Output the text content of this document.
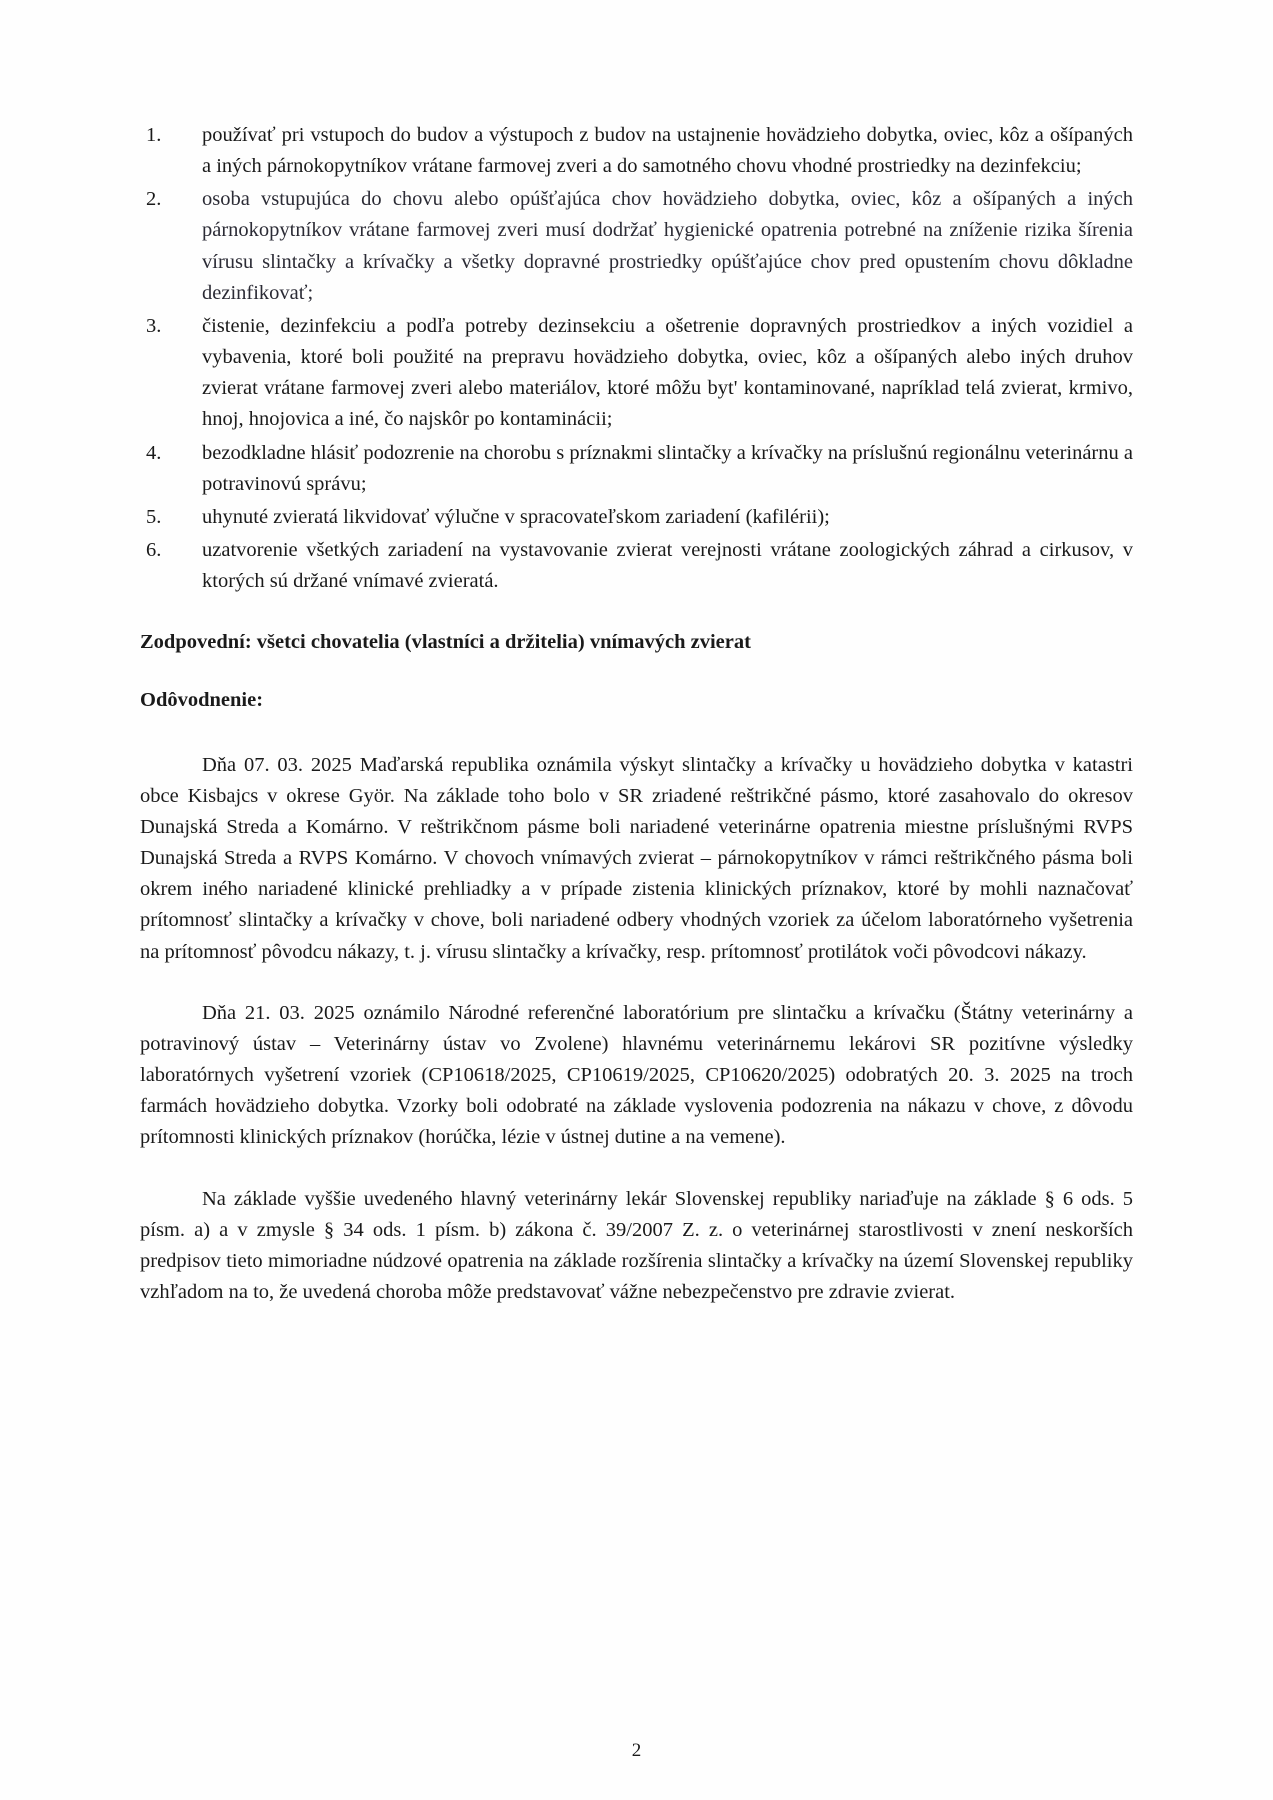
1.	používať pri vstupoch do budov a výstupoch z budov na ustajnenie hovädzieho dobytka, oviec, kôz a ošípaných a iných párnokopytníkov vrátane farmovej zveri a do samotného chovu vhodné prostriedky na dezinfekciu;
2.	osoba vstupujúca do chovu alebo opúšťajúca chov hovädzieho dobytka, oviec, kôz a ošípaných a iných párnokopytníkov vrátane farmovej zveri musí dodržať hygienické opatrenia potrebné na zníženie rizika šírenia vírusu slintačky a krívačky a všetky dopravné prostriedky opúšťajúce chov pred opustením chovu dôkladne dezinfikovať;
3.	čistenie, dezinfekciu a podľa potreby dezinsekciu a ošetrenie dopravných prostriedkov a iných vozidiel a vybavenia, ktoré boli použité na prepravu hovädzieho dobytka, oviec, kôz a ošípaných alebo iných druhov zvierat vrátane farmovej zveri alebo materiálov, ktoré môžu byt' kontaminované, napríklad telá zvierat, krmivo, hnoj, hnojovica a iné, čo najskôr po kontaminácii;
4.	bezodkladne hlásiť podozrenie na chorobu s príznakmi slintačky a krívačky na príslušnú regionálnu veterinárnu a potravinovú správu;
5.	uhynuté zvieratá likvidovať výlučne v spracovateľskom zariadení (kafilérii);
6.	uzatvorenie všetkých zariadení na vystavovanie zvierat verejnosti vrátane zoologických záhrad a cirkusov, v ktorých sú držané vnímavé zvieratá.
Zodpovední: všetci chovatelia (vlastníci a držitelia) vnímavých zvierat
Odôvodnenie:

Dňa 07. 03. 2025 Maďarská republika oznámila výskyt slintačky a krívačky u hovädzieho dobytka v katastri obce Kisbajcs v okrese Györ. Na základe toho bolo v SR zriadené reštrikčné pásmo, ktoré zasahovalo do okresov Dunajská Streda a Komárno. V reštrikčnom pásme boli nariadené veterinárne opatrenia miestne príslušnými RVPS Dunajská Streda a RVPS Komárno. V chovoch vnímavých zvierat – párnokopytníkov v rámci reštrikčného pásma boli okrem iného nariadené klinické prehliadky a v prípade zistenia klinických príznakov, ktoré by mohli naznačovať prítomnosť slintačky a krívačky v chove, boli nariadené odbery vhodných vzoriek za účelom laboratórneho vyšetrenia na prítomnosť pôvodcu nákazy, t. j. vírusu slintačky a krívačky, resp. prítomnosť protilátok voči pôvodcovi nákazy.

Dňa 21. 03. 2025 oznámilo Národné referenčné laboratórium pre slintačku a krívačku (Štátny veterinárny a potravinový ústav – Veterinárny ústav vo Zvolene) hlavnému veterinárnemu lekárovi SR pozitívne výsledky laboratórnych vyšetrení vzoriek (CP10618/2025, CP10619/2025, CP10620/2025) odobratých 20. 3. 2025 na troch farmách hovädzieho dobytka. Vzorky boli odobraté na základe vyslovenia podozrenia na nákazu v chove, z dôvodu prítomnosti klinických príznakov (horúčka, lézie v ústnej dutine a na vemene).

Na základe vyššie uvedeného hlavný veterinárny lekár Slovenskej republiky nariaďuje na základe § 6 ods. 5 písm. a) a v zmysle § 34 ods. 1 písm. b) zákona č. 39/2007 Z. z. o veterinárnej starostlivosti v znení neskorších predpisov tieto mimoriadne núdzové opatrenia na základe rozšírenia slintačky a krívačky na území Slovenskej republiky vzhľadom na to, že uvedená choroba môže predstavovať vážne nebezpečenstvo pre zdravie zvierat.

2
